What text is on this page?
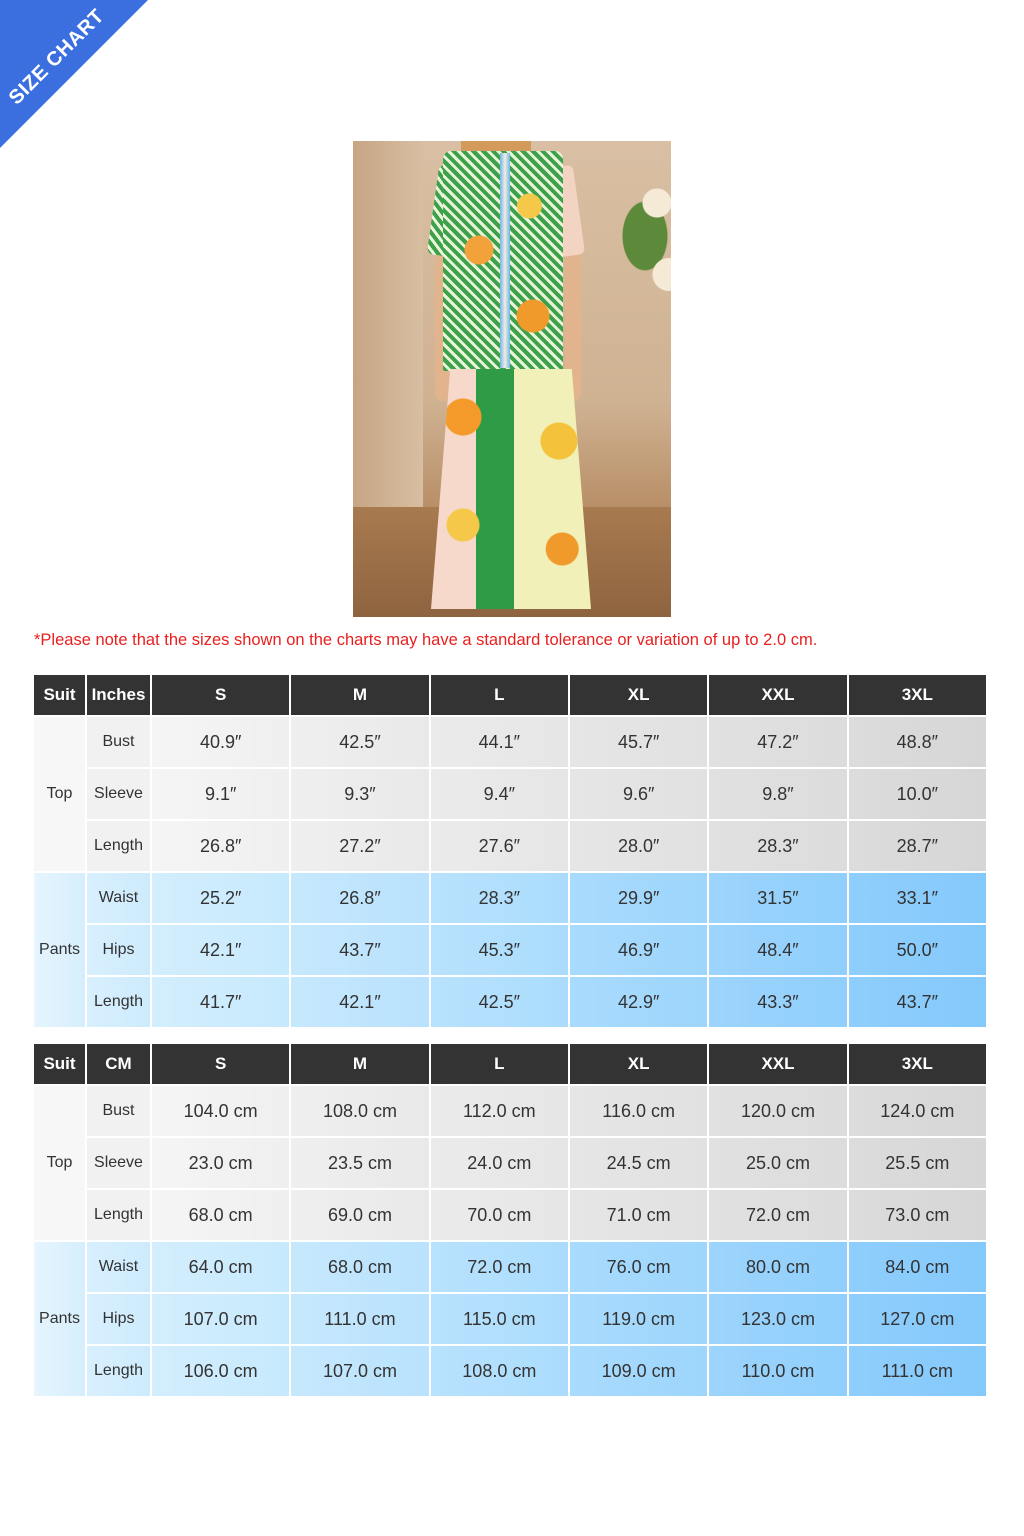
SIZE CHART
*Please note that the sizes shown on the charts may have a standard tolerance or variation of up to 2.0 cm.
Suit	Inches	S	M	L	XL	XXL	3XL
Top	Bust	40.9″	42.5″	44.1″	45.7″	47.2″	48.8″
	Sleeve	9.1″	9.3″	9.4″	9.6″	9.8″	10.0″
	Length	26.8″	27.2″	27.6″	28.0″	28.3″	28.7″
Pants	Waist	25.2″	26.8″	28.3″	29.9″	31.5″	33.1″
	Hips	42.1″	43.7″	45.3″	46.9″	48.4″	50.0″
	Length	41.7″	42.1″	42.5″	42.9″	43.3″	43.7″
Suit	CM	S	M	L	XL	XXL	3XL
Top	Bust	104.0 cm	108.0 cm	112.0 cm	116.0 cm	120.0 cm	124.0 cm
	Sleeve	23.0 cm	23.5 cm	24.0 cm	24.5 cm	25.0 cm	25.5 cm
	Length	68.0 cm	69.0 cm	70.0 cm	71.0 cm	72.0 cm	73.0 cm
Pants	Waist	64.0 cm	68.0 cm	72.0 cm	76.0 cm	80.0 cm	84.0 cm
	Hips	107.0 cm	111.0 cm	115.0 cm	119.0 cm	123.0 cm	127.0 cm
	Length	106.0 cm	107.0 cm	108.0 cm	109.0 cm	110.0 cm	111.0 cm
